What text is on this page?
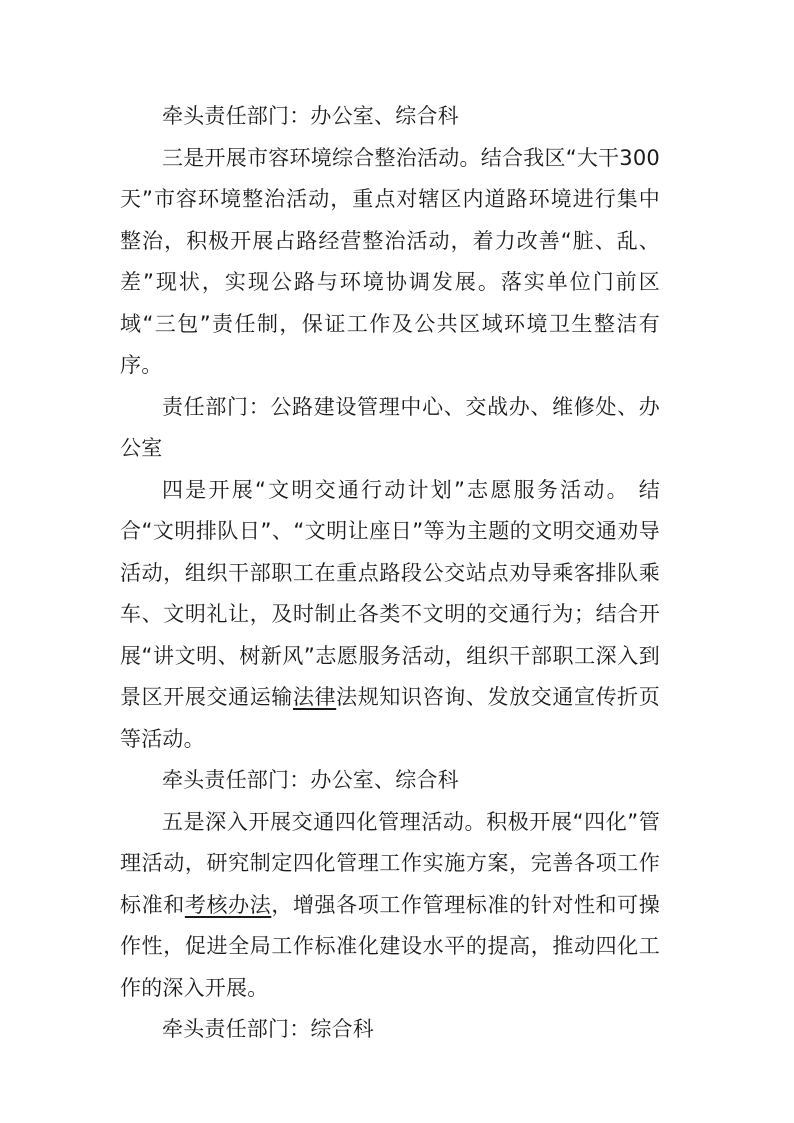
牵头责任部门：办公室、综合科

三是开展市容环境综合整治活动。结合我区“大干300天”市容环境整治活动，重点对辖区内道路环境进行集中整治，积极开展占路经营整治活动，着力改善“脏、乱、差”现状，实现公路与环境协调发展。落实单位门前区域“三包”责任制，保证工作及公共区域环境卫生整洁有序。

责任部门：公路建设管理中心、交战办、维修处、办公室

四是开展“文明交通行动计划”志愿服务活动。 结合“文明排队日”、“文明让座日”等为主题的文明交通劝导活动，组织干部职工在重点路段公交站点劝导乘客排队乘车、文明礼让，及时制止各类不文明的交通行为；结合开展“讲文明、树新风”志愿服务活动，组织干部职工深入到景区开展交通运输法律法规知识咨询、发放交通宣传折页等活动。

牵头责任部门：办公室、综合科

五是深入开展交通四化管理活动。积极开展“四化”管理活动，研究制定四化管理工作实施方案，完善各项工作标准和考核办法，增强各项工作管理标准的针对性和可操作性，促进全局工作标准化建设水平的提高，推动四化工作的深入开展。

牵头责任部门：综合科
